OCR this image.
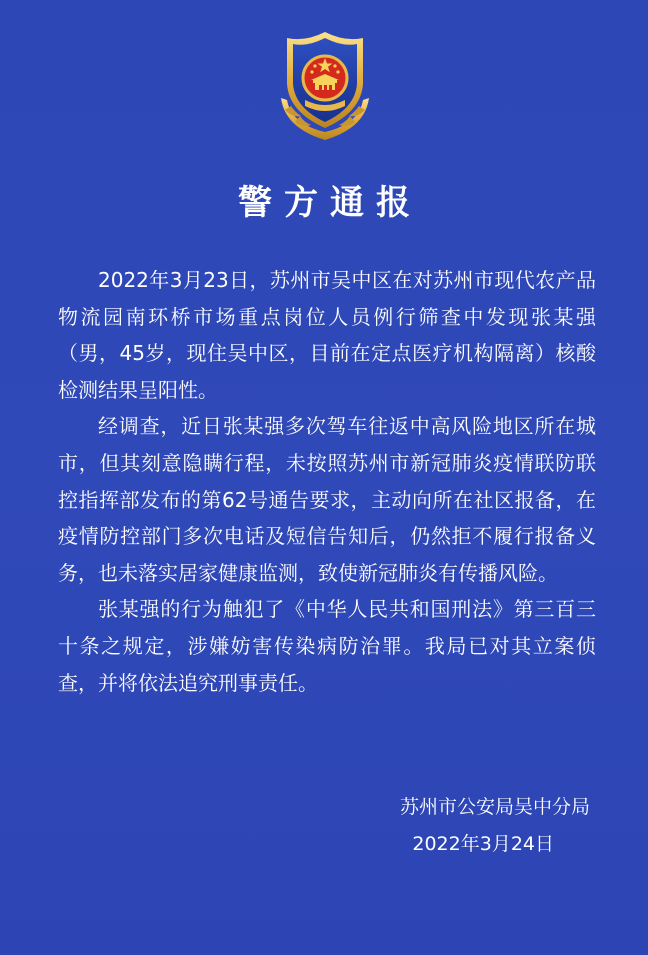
警方通报

2022年3月23日，苏州市吴中区在对苏州市现代农产品物流园南环桥市场重点岗位人员例行筛查中发现张某强（男，45岁，现住吴中区，目前在定点医疗机构隔离）核酸检测结果呈阳性。

经调查，近日张某强多次驾车往返中高风险地区所在城市，但其刻意隐瞒行程，未按照苏州市新冠肺炎疫情联防联控指挥部发布的第62号通告要求，主动向所在社区报备，在疫情防控部门多次电话及短信告知后，仍然拒不履行报备义务，也未落实居家健康监测，致使新冠肺炎有传播风险。

张某强的行为触犯了《中华人民共和国刑法》第三百三十条之规定，涉嫌妨害传染病防治罪。我局已对其立案侦查，并将依法追究刑事责任。

苏州市公安局吴中分局
2022年3月24日
